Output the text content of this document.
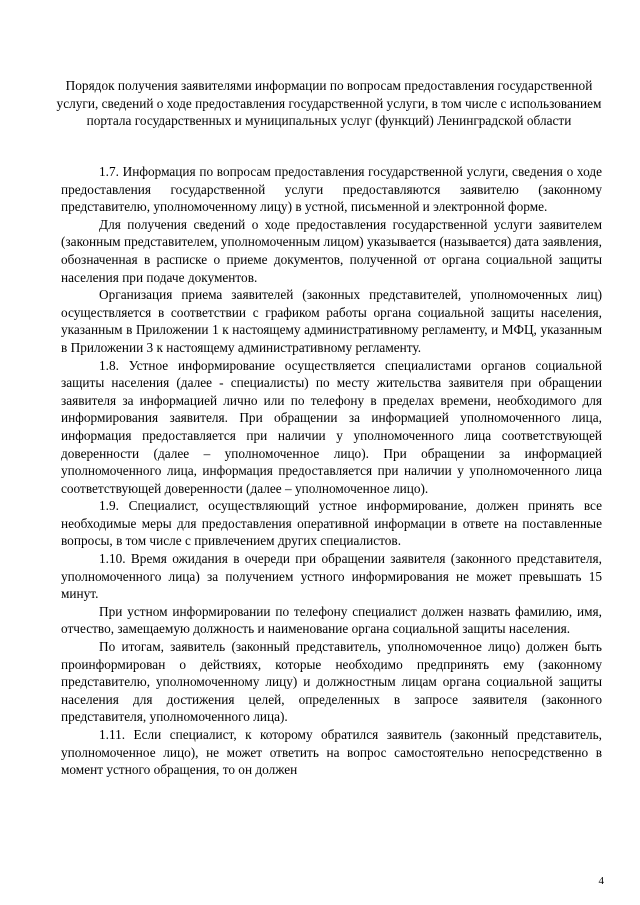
Порядок получения заявителями информации по вопросам предоставления государственной услуги, сведений о ходе предоставления государственной услуги, в том числе с использованием портала государственных и муниципальных услуг (функций) Ленинградской области

1.7. Информация по вопросам предоставления государственной услуги, сведения о ходе предоставления государственной услуги предоставляются заявителю (законному представителю, уполномоченному лицу) в устной, письменной и электронной форме.

Для получения сведений о ходе предоставления государственной услуги заявителем (законным представителем, уполномоченным лицом) указывается (называется) дата заявления, обозначенная в расписке о приеме документов, полученной от органа социальной защиты населения при подаче документов.

Организация приема заявителей (законных представителей, уполномоченных лиц) осуществляется в соответствии с графиком работы органа социальной защиты населения, указанным в Приложении 1 к настоящему административному регламенту, и МФЦ, указанным в Приложении 3 к настоящему административному регламенту.

1.8. Устное информирование осуществляется специалистами органов социальной защиты населения (далее - специалисты) по месту жительства заявителя при обращении заявителя за информацией лично или по телефону в пределах времени, необходимого для информирования заявителя. При обращении за информацией уполномоченного лица, информация предоставляется при наличии у уполномоченного лица соответствующей доверенности (далее – уполномоченное лицо). При обращении за информацией уполномоченного лица, информация предоставляется при наличии у уполномоченного лица соответствующей доверенности (далее – уполномоченное лицо).

1.9. Специалист, осуществляющий устное информирование, должен принять все необходимые меры для предоставления оперативной информации в ответе на поставленные вопросы, в том числе с привлечением других специалистов.

1.10. Время ожидания в очереди при обращении заявителя (законного представителя, уполномоченного лица) за получением устного информирования не может превышать 15 минут.

При устном информировании по телефону специалист должен назвать фамилию, имя, отчество, замещаемую должность и наименование органа социальной защиты населения.

По итогам, заявитель (законный представитель, уполномоченное лицо) должен быть проинформирован о действиях, которые необходимо предпринять ему (законному представителю, уполномоченному лицу) и должностным лицам органа социальной защиты населения для достижения целей, определенных в запросе заявителя (законного представителя, уполномоченного лица).

1.11. Если специалист, к которому обратился заявитель (законный представитель, уполномоченное лицо), не может ответить на вопрос самостоятельно непосредственно в момент устного обращения, то он должен

4
